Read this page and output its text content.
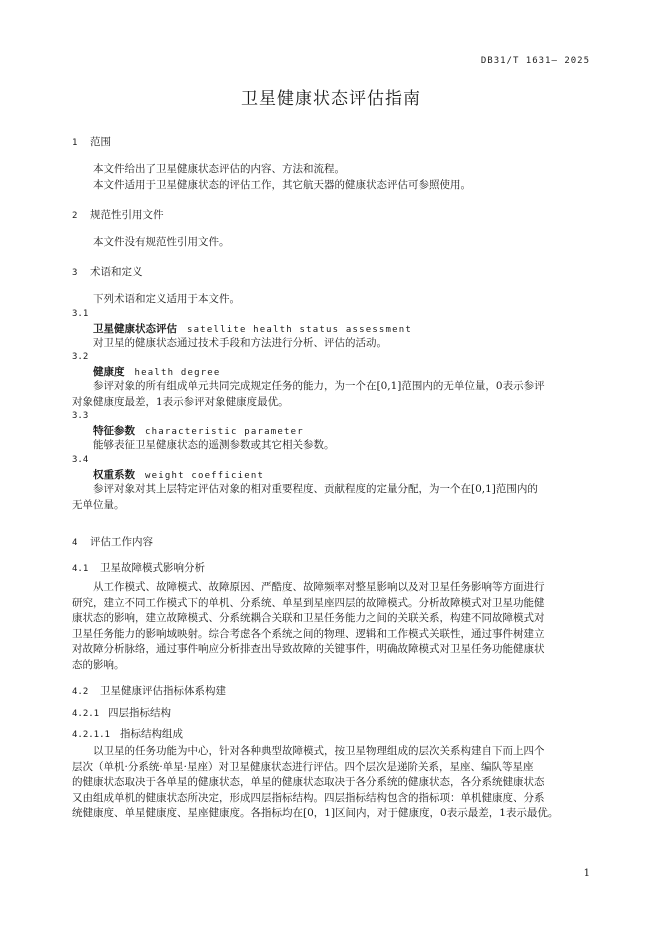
DB31/T 1631— 2025
卫星健康状态评估指南
1 范围
本文件给出了卫星健康状态评估的内容、方法和流程。
本文件适用于卫星健康状态的评估工作，其它航天器的健康状态评估可参照使用。
2 规范性引用文件
本文件没有规范性引用文件。
3 术语和定义
下列术语和定义适用于本文件。
3.1
卫星健康状态评估 satellite health status assessment
对卫星的健康状态通过技术手段和方法进行分析、评估的活动。
3.2
健康度 health degree
参评对象的所有组成单元共同完成规定任务的能力，为一个在[0,1]范围内的无单位量，0表示参评
对象健康度最差，1表示参评对象健康度最优。
3.3
特征参数 characteristic parameter
能够表征卫星健康状态的遥测参数或其它相关参数。
3.4
权重系数 weight coefficient
参评对象对其上层特定评估对象的相对重要程度、贡献程度的定量分配，为一个在[0,1]范围内的
无单位量。
4 评估工作内容
4.1 卫星故障模式影响分析
从工作模式、故障模式、故障原因、严酷度、故障频率对整星影响以及对卫星任务影响等方面进行
研究，建立不同工作模式下的单机、分系统、单星到星座四层的故障模式。分析故障模式对卫星功能健
康状态的影响，建立故障模式、分系统耦合关联和卫星任务能力之间的关联关系，构建不同故障模式对
卫星任务能力的影响域映射。综合考虑各个系统之间的物理、逻辑和工作模式关联性，通过事件树建立
对故障分析脉络，通过事件响应分析排查出导致故障的关键事件，明确故障模式对卫星任务功能健康状
态的影响。
4.2 卫星健康评估指标体系构建
4.2.1 四层指标结构
4.2.1.1 指标结构组成
以卫星的任务功能为中心，针对各种典型故障模式，按卫星物理组成的层次关系构建自下而上四个
层次（单机·分系统·单星·星座）对卫星健康状态进行评估。四个层次是递阶关系，星座、编队等星座
的健康状态取决于各单星的健康状态，单星的健康状态取决于各分系统的健康状态，各分系统健康状态
又由组成单机的健康状态所决定，形成四层指标结构。四层指标结构包含的指标项：单机健康度、分系
统健康度、单星健康度、星座健康度。各指标均在[0，1]区间内，对于健康度，0表示最差，1表示最优。
1
